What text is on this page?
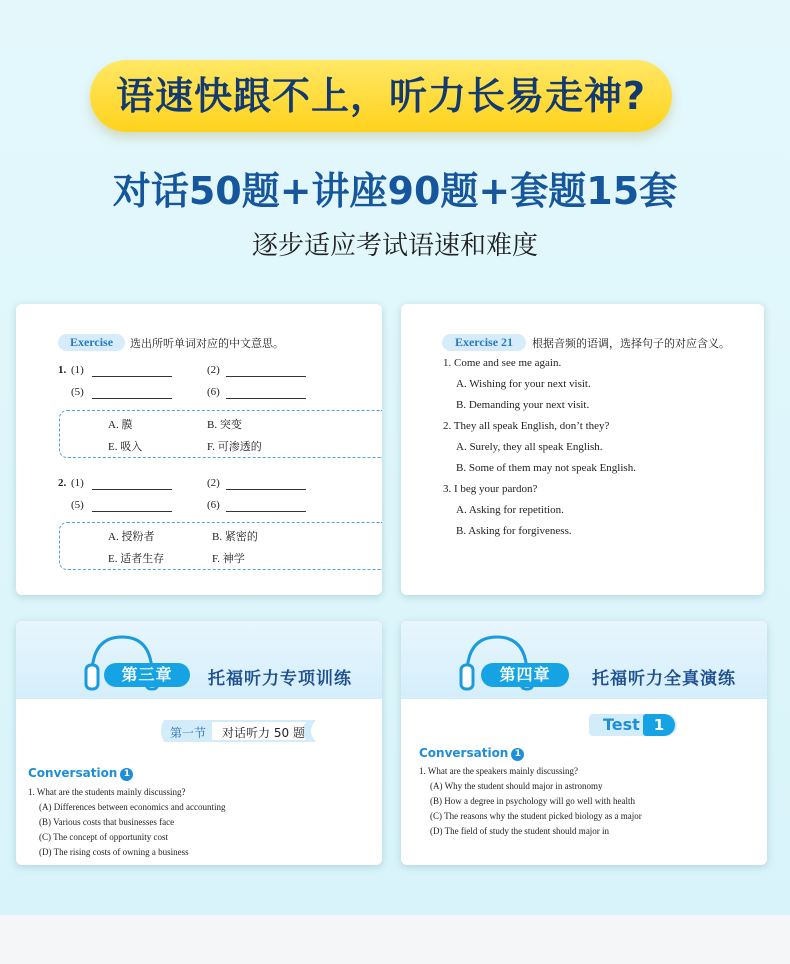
语速快跟不上，听力长易走神?
对话50题+讲座90题+套题15套
逐步适应考试语速和难度
Exercise	选出所听单词对应的中文意思。
1. (1)	(2)
(5)	(6)
A. 膜	B. 突变
E. 吸入	F. 可渗透的
2. (1)	(2)
(5)	(6)
A. 授粉者	B. 紧密的
E. 适者生存	F. 神学
Exercise 21	根据音频的语调，选择句子的对应含义。
1. Come and see me again.
A. Wishing for your next visit.
B. Demanding your next visit.
2. They all speak English, don’t they?
A. Surely, they all speak English.
B. Some of them may not speak English.
3. I beg your pardon?
A. Asking for repetition.
B. Asking for forgiveness.
第三章	托福听力专项训练
第一节 对话听力 50 题
Conversation 1
1. What are the students mainly discussing?
(A) Differences between economics and accounting
(B) Various costs that businesses face
(C) The concept of opportunity cost
(D) The rising costs of owning a business
第四章	托福听力全真演练
Test 1
Conversation 1
1. What are the speakers mainly discussing?
(A) Why the student should major in astronomy
(B) How a degree in psychology will go well with health
(C) The reasons why the student picked biology as a major
(D) The field of study the student should major in
